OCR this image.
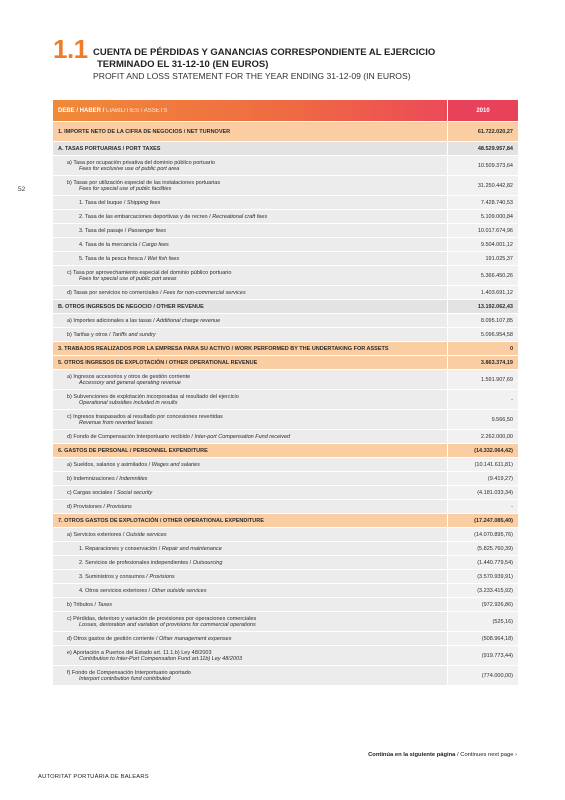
1.1 CUENTA DE PÉRDIDAS Y GANANCIAS CORRESPONDIENTE AL EJERCICIO
TERMINADO EL 31-12-10 (EN EUROS)
PROFIT AND LOSS STATEMENT FOR THE YEAR ENDING 31-12-09 (IN EUROS)
52
DEBE / HABER / LIABILITIES / ASSETS	2010
1. IMPORTE NETO DE LA CIFRA DE NEGOCIOS / NET TURNOVER	61.722.020,27
A. TASAS PORTUARIAS / PORT TAXES	48.529.957,84
a) Tasa por ocupación privativa del dominio público portuario
Fees for exclusive use of public port area	10.509.373,64
b) Tasas por utilización especial de las instalaciones portuarias
Fees for special use of public facilities	31.250.442,82
1. Tasa del buque / Shipping fees	7.428.740,53
2. Tasa de las embarcaciones deportivas y de recreo / Recreational craft fees	5.109.000,84
3. Tasa del pasaje / Passenger fees	10.017.674,96
4. Tasa de la mercancía / Cargo fees	9.504.001,12
5. Tasa de la pesca fresca / Wet fish fees	191.025,37
c) Tasa por aprovechamiento especial del dominio público portuario
Fees for special use of public port areas	5.366.450,26
d) Tasas por servicios no comerciales / Fees for non-commercial services	1.403.691,12
B. OTROS INGRESOS DE NEGOCIO / OTHER REVENUE	13.192.062,43
a) Importes adicionales a las tasas / Additional charge revenue	8.095.107,85
b) Tarifas y otros / Tariffs and sundry	5.096.954,58
3. TRABAJOS REALIZADOS POR LA EMPRESA PARA SU ACTIVO / WORK PERFORMED BY THE UNDERTAKING FOR ASSETS	0
5. OTROS INGRESOS DE EXPLOTACIÓN / OTHER OPERATIONAL REVENUE	3.863.374,19
a) Ingresos accesorios y otros de gestión corriente
Accessory and general operating revenue	1.591.907,69
b) Subvenciones de explotación incorporadas al resultado del ejercicio
Operational subsidies included in results	-
c) Ingresos traspasados al resultado por concesiones revertidas
Revenue from reverted leases	9.566,50
d) Fondo de Compensación Interportuario recibido / Inter-port Compensation Fund received	2.262.000,00
6. GASTOS DE PERSONAL / PERSONNEL EXPENDITURE	(14.332.064,42)
a) Sueldos, salarios y asimilados / Wages and salaries	(10.141.611,81)
b) Indemnizaciones / Indemnities	(9.419,27)
c) Cargas sociales / Social security	(4.181.033,34)
d) Provisiones / Provisions	-
7. OTROS GASTOS DE EXPLOTACIÓN / OTHER OPERATIONAL EXPENDITURE	(17.247.085,40)
a) Servicios exteriores / Outside services	(14.070.895,76)
1. Reparaciones y conservación / Repair and maintenance	(5.825.760,39)
2. Servicios de profesionales independientes / Outsourcing	(1.440.779,54)
3. Suministros y consumos / Provisions	(3.570.939,91)
4. Otros servicios exteriores / Other outside services	(3.233.415,92)
b) Tributos / Taxes	(972.926,86)
c) Pérdidas, deterioro y variación de provisiones por operaciones comerciales
Losses, derioration and variation of provisions for commercial operations	(525,16)
d) Otros gastos de gestión corriente / Other management expenses	(508.964,18)
e) Aportación a Puertos del Estado art. 11.1.b) Ley 48/2003
Contribution to Inter-Port Compensation Fund art.11b) Ley 48/2003	(919.773,44)
f) Fondo de Compensación Interportuario aportado
Interport contribution fund contributed	(774.000,00)
Continúa en la siguiente página / Continues next page ›
AUTORITAT PORTUÀRIA DE BALEARS
